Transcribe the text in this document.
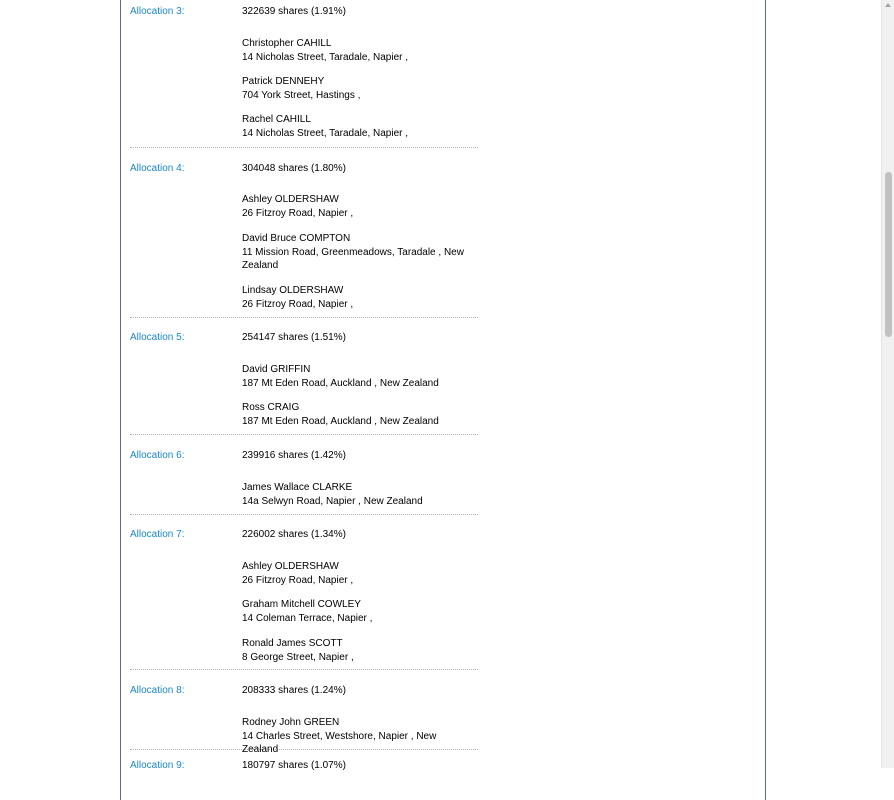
Allocation 3:	322639 shares (1.91%)
Christopher CAHILL
14 Nicholas Street, Taradale, Napier ,
Patrick DENNEHY
704 York Street, Hastings ,
Rachel CAHILL
14 Nicholas Street, Taradale, Napier ,
Allocation 4:	304048 shares (1.80%)
Ashley OLDERSHAW
26 Fitzroy Road, Napier ,
David Bruce COMPTON
11 Mission Road, Greenmeadows, Taradale , New Zealand
Lindsay OLDERSHAW
26 Fitzroy Road, Napier ,
Allocation 5:	254147 shares (1.51%)
David GRIFFIN
187 Mt Eden Road, Auckland , New Zealand
Ross CRAIG
187 Mt Eden Road, Auckland , New Zealand
Allocation 6:	239916 shares (1.42%)
James Wallace CLARKE
14a Selwyn Road, Napier , New Zealand
Allocation 7:	226002 shares (1.34%)
Ashley OLDERSHAW
26 Fitzroy Road, Napier ,
Graham Mitchell COWLEY
14 Coleman Terrace, Napier ,
Ronald James SCOTT
8 George Street, Napier ,
Allocation 8:	208333 shares (1.24%)
Rodney John GREEN
14 Charles Street, Westshore, Napier , New Zealand
Allocation 9:	180797 shares (1.07%)
